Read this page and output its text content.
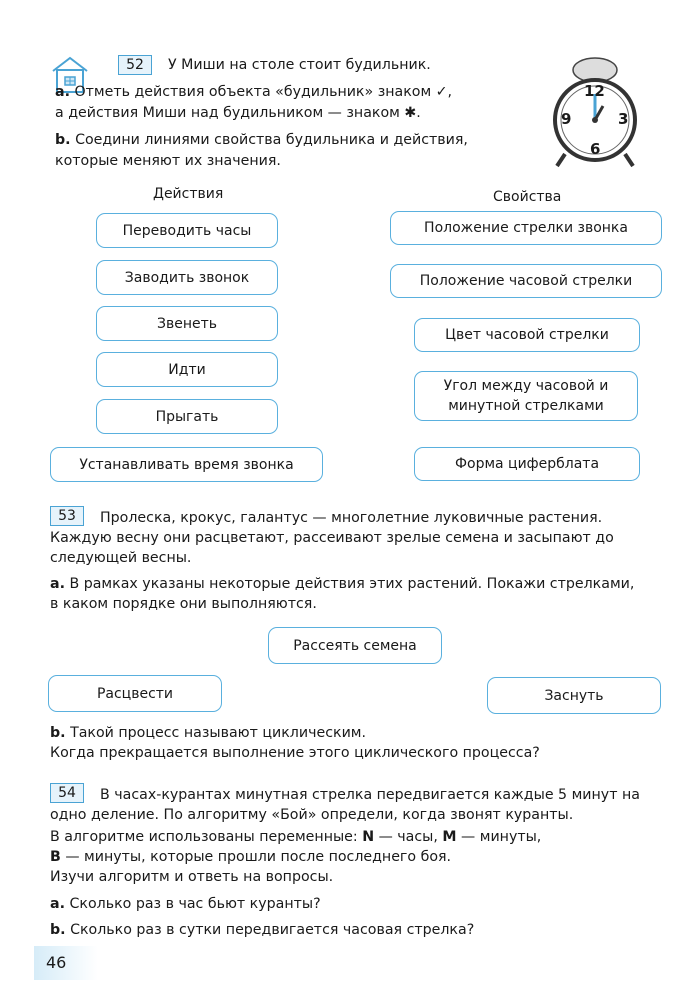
52	У Миши на столе стоит будильник.
a. Отметь действия объекта «будильник» знаком ✓,
а действия Миши над будильником — знаком ✱.
b. Соедини линиями свойства будильника и действия,
которые меняют их значения.
12
3
6
9
Действия	Свойства
Переводить часы
Заводить звонок
Звенеть
Идти
Прыгать
Устанавливать время звонка
Положение стрелки звонка
Положение часовой стрелки
Цвет часовой стрелки
Угол между часовой и минутной стрелками
Форма циферблата
53	Пролеска, крокус, галантус — многолетние луковичные растения.
Каждую весну они расцветают, рассеивают зрелые семена и засыпают до
следующей весны.
a. В рамках указаны некоторые действия этих растений. Покажи стрелками,
в каком порядке они выполняются.
Рассеять семена
Расцвести	Заснуть
b. Такой процесс называют циклическим.
Когда прекращается выполнение этого циклического процесса?
54	В часах-курантах минутная стрелка передвигается каждые 5 минут на
одно деление. По алгоритму «Бой» определи, когда звонят куранты.
В алгоритме использованы переменные: N — часы, M — минуты,
B — минуты, которые прошли после последнего боя.
Изучи алгоритм и ответь на вопросы.
a. Сколько раз в час бьют куранты?
b. Сколько раз в сутки передвигается часовая стрелка?
46
